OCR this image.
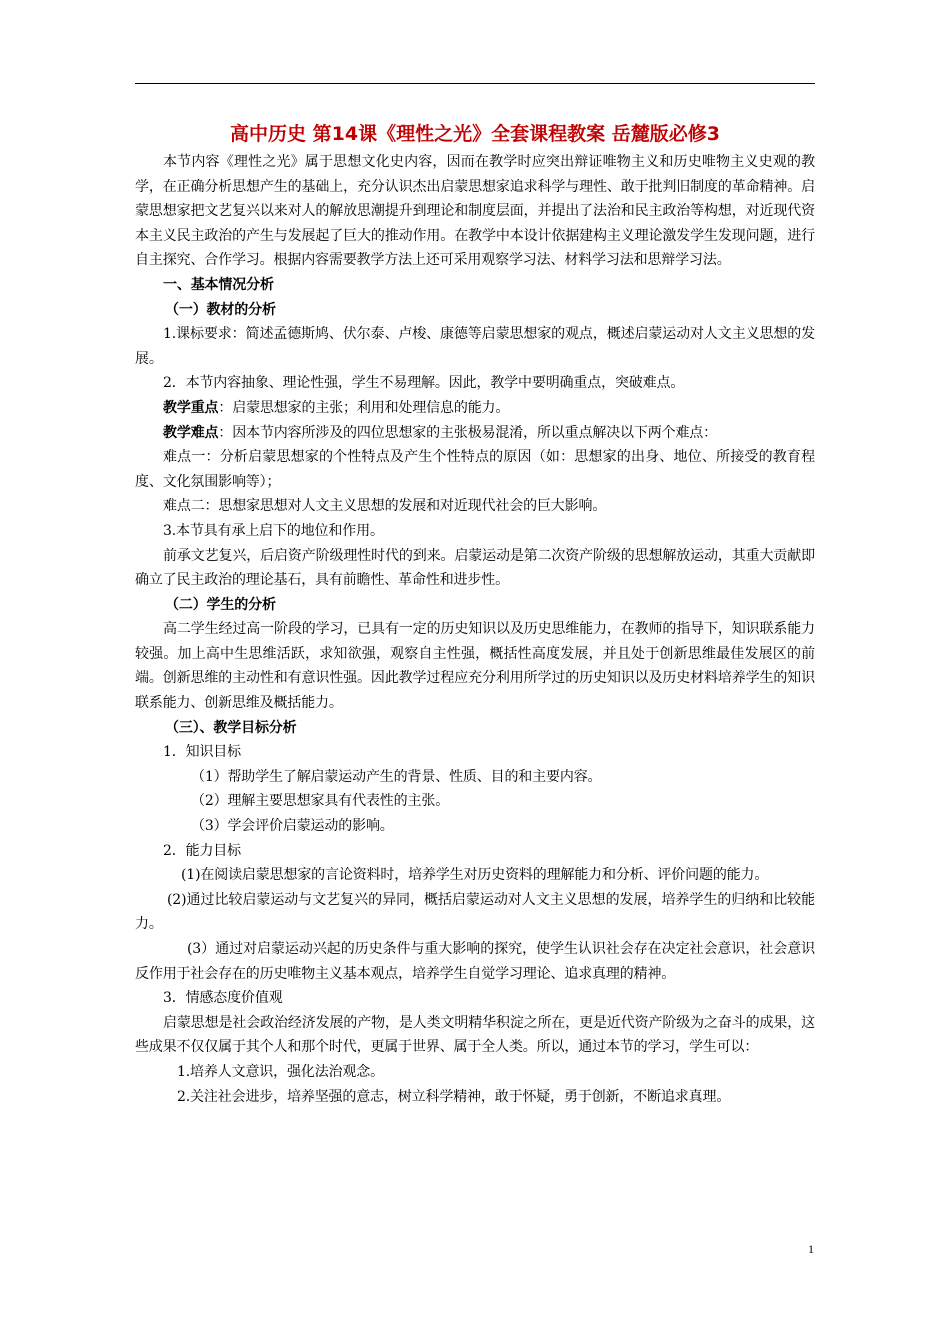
高中历史 第14课《理性之光》全套课程教案 岳麓版必修3

本节内容《理性之光》属于思想文化史内容，因而在教学时应突出辩证唯物主义和历史唯物主义史观的教学，在正确分析思想产生的基础上，充分认识杰出启蒙思想家追求科学与理性、敢于批判旧制度的革命精神。启蒙思想家把文艺复兴以来对人的解放思潮提升到理论和制度层面，并提出了法治和民主政治等构想，对近现代资本主义民主政治的产生与发展起了巨大的推动作用。在教学中本设计依据建构主义理论激发学生发现问题，进行自主探究、合作学习。根据内容需要教学方法上还可采用观察学习法、材料学习法和思辩学习法。

一、基本情况分析

（一）教材的分析

1.课标要求：简述孟德斯鸠、伏尔泰、卢梭、康德等启蒙思想家的观点，概述启蒙运动对人文主义思想的发展。

2．本节内容抽象、理论性强，学生不易理解。因此，教学中要明确重点，突破难点。

教学重点：启蒙思想家的主张；利用和处理信息的能力。

教学难点：因本节内容所涉及的四位思想家的主张极易混淆，所以重点解决以下两个难点：

难点一：分析启蒙思想家的个性特点及产生个性特点的原因（如：思想家的出身、地位、所接受的教育程度、文化氛围影响等）；

难点二：思想家思想对人文主义思想的发展和对近现代社会的巨大影响。

3.本节具有承上启下的地位和作用。

前承文艺复兴，后启资产阶级理性时代的到来。启蒙运动是第二次资产阶级的思想解放运动，其重大贡献即确立了民主政治的理论基石，具有前瞻性、革命性和进步性。

（二）学生的分析

高二学生经过高一阶段的学习，已具有一定的历史知识以及历史思维能力，在教师的指导下，知识联系能力较强。加上高中生思维活跃，求知欲强，观察自主性强，概括性高度发展，并且处于创新思维最佳发展区的前端。创新思维的主动性和有意识性强。因此教学过程应充分利用所学过的历史知识以及历史材料培养学生的知识联系能力、创新思维及概括能力。

（三）、教学目标分析

1．知识目标

（1）帮助学生了解启蒙运动产生的背景、性质、目的和主要内容。

（2）理解主要思想家具有代表性的主张。

（3）学会评价启蒙运动的影响。

2．能力目标

(1)在阅读启蒙思想家的言论资料时，培养学生对历史资料的理解能力和分析、评价问题的能力。

(2)通过比较启蒙运动与文艺复兴的异同，概括启蒙运动对人文主义思想的发展，培养学生的归纳和比较能力。

(3）通过对启蒙运动兴起的历史条件与重大影响的探究，使学生认识社会存在决定社会意识，社会意识反作用于社会存在的历史唯物主义基本观点，培养学生自觉学习理论、追求真理的精神。

3．情感态度价值观

启蒙思想是社会政治经济发展的产物，是人类文明精华积淀之所在，更是近代资产阶级为之奋斗的成果，这些成果不仅仅属于其个人和那个时代，更属于世界、属于全人类。所以，通过本节的学习，学生可以：

1.培养人文意识，强化法治观念。

2.关注社会进步，培养坚强的意志，树立科学精神，敢于怀疑，勇于创新，不断追求真理。

1
